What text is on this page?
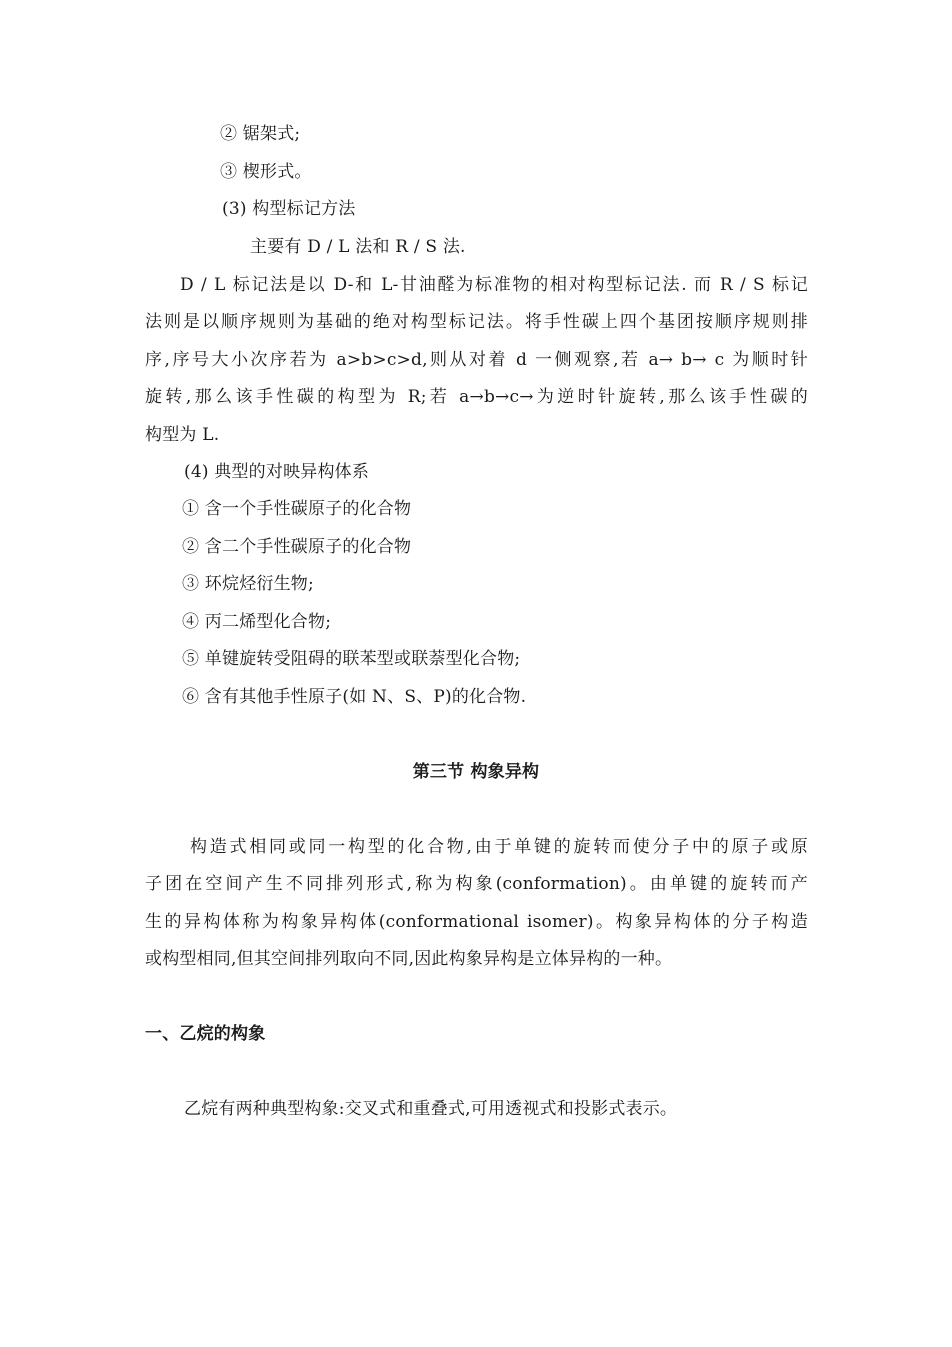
② 锯架式;

③ 楔形式。

(3) 构型标记方法

主要有 D / L 法和 R / S 法.

D / L 标记法是以 D-和 L-甘油醛为标准物的相对构型标记法. 而 R / S 标记

法则是以顺序规则为基础的绝对构型标记法。将手性碳上四个基团按顺序规则排

序,序号大小次序若为 a>b>c>d,则从对着 d 一侧观察,若 a→ b→ c 为顺时针

旋转,那么该手性碳的构型为 R;若 a→b→c→为逆时针旋转,那么该手性碳的

构型为 L.

(4) 典型的对映异构体系

① 含一个手性碳原子的化合物

② 含二个手性碳原子的化合物

③ 环烷烃衍生物;

④ 丙二烯型化合物;

⑤ 单键旋转受阻碍的联苯型或联萘型化合物;

⑥ 含有其他手性原子(如 N、S、P)的化合物.

第三节 构象异构

构造式相同或同一构型的化合物,由于单键的旋转而使分子中的原子或原

子团在空间产生不同排列形式,称为构象(conformation)。由单键的旋转而产

生的异构体称为构象异构体(conformational isomer)。构象异构体的分子构造

或构型相同,但其空间排列取向不同,因此构象异构是立体异构的一种。

一、乙烷的构象

乙烷有两种典型构象:交叉式和重叠式,可用透视式和投影式表示。
